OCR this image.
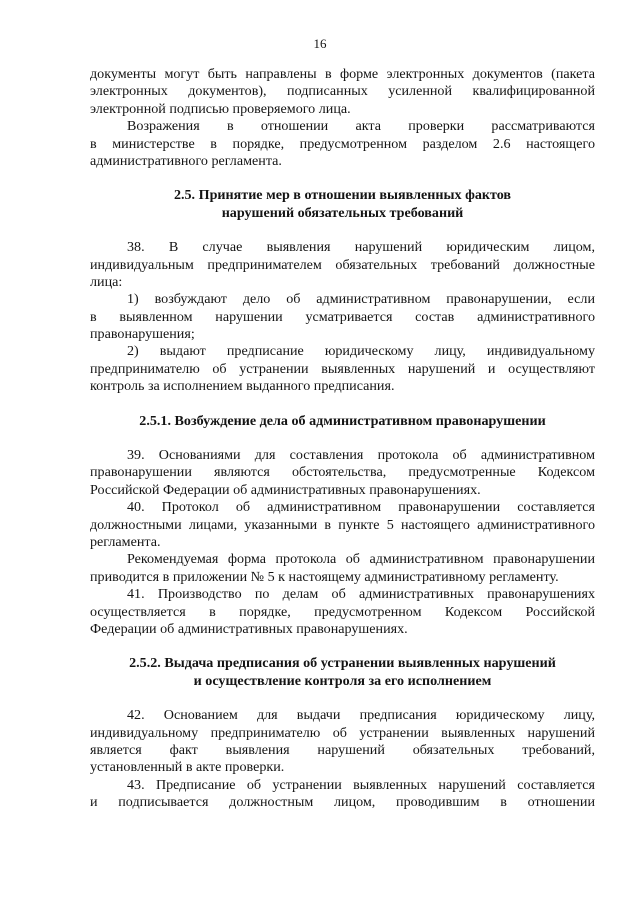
16
документы могут быть направлены в форме электронных документов (пакета
электронных документов), подписанных усиленной квалифицированной
электронной подписью проверяемого лица.
Возражения в отношении акта проверки рассматриваются
в министерстве в порядке, предусмотренном разделом 2.6 настоящего
административного регламента.
2.5. Принятие мер в отношении выявленных фактов
нарушений обязательных требований
38. В случае выявления нарушений юридическим лицом,
индивидуальным предпринимателем обязательных требований должностные
лица:
1) возбуждают дело об административном правонарушении, если
в выявленном нарушении усматривается состав административного
правонарушения;
2) выдают предписание юридическому лицу, индивидуальному
предпринимателю об устранении выявленных нарушений и осуществляют
контроль за исполнением выданного предписания.
2.5.1. Возбуждение дела об административном правонарушении
39. Основаниями для составления протокола об административном
правонарушении являются обстоятельства, предусмотренные Кодексом
Российской Федерации об административных правонарушениях.
40. Протокол об административном правонарушении составляется
должностными лицами, указанными в пункте 5 настоящего административного
регламента.
Рекомендуемая форма протокола об административном правонарушении
приводится в приложении № 5 к настоящему административному регламенту.
41. Производство по делам об административных правонарушениях
осуществляется в порядке, предусмотренном Кодексом Российской
Федерации об административных правонарушениях.
2.5.2. Выдача предписания об устранении выявленных нарушений
и осуществление контроля за его исполнением
42. Основанием для выдачи предписания юридическому лицу,
индивидуальному предпринимателю об устранении выявленных нарушений
является факт выявления нарушений обязательных требований,
установленный в акте проверки.
43. Предписание об устранении выявленных нарушений составляется
и подписывается должностным лицом, проводившим в отношении
